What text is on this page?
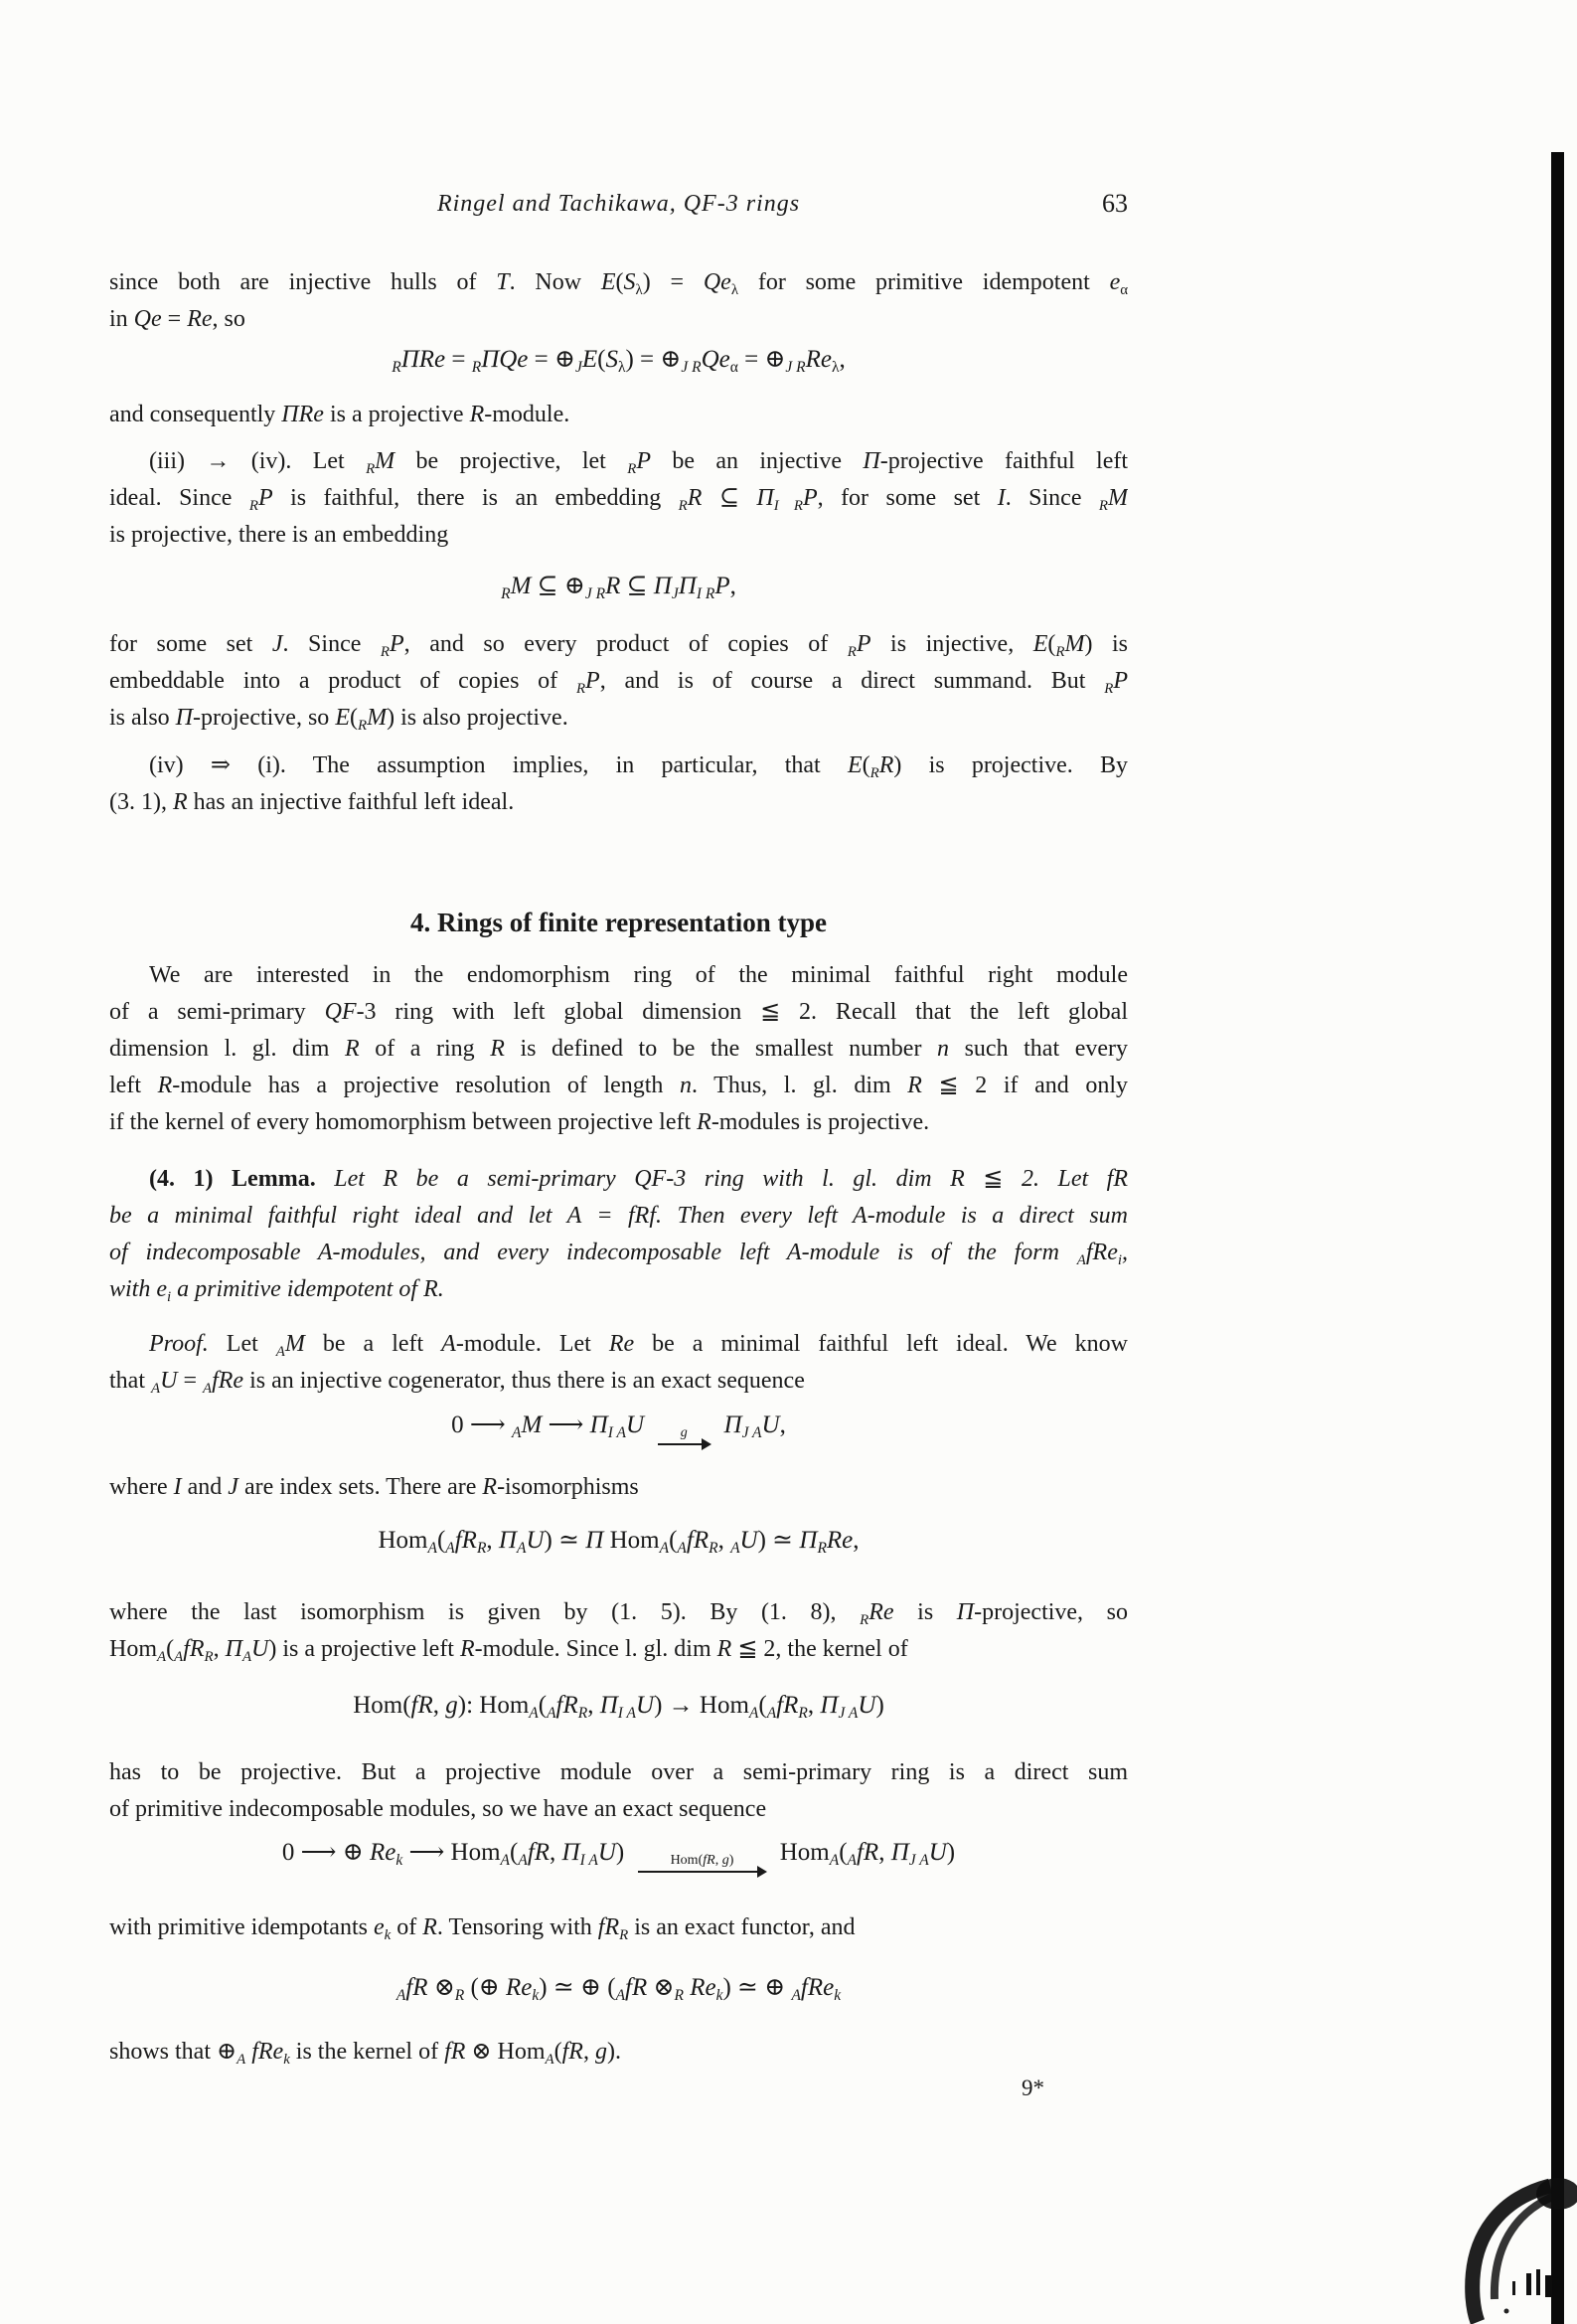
Ringel and Tachikawa, QF-3 rings	63
since both are injective hulls of T. Now $E(S_\lambda) = Qe_\lambda$ for some primitive idempotent $e_\alpha$
in Qe = Re, so
$_R\Pi Re = _R\Pi Qe = \oplus_JE(S_\lambda)$ = $\oplus_{J R}Qe_\alpha$ = $\oplus_{J R}Re_\lambda$,
and consequently ΠRe is a projective R-module.
(iii) → (iv). Let $_R$M be projective, let $_R$P be an injective Π-projective faithful left
ideal. Since $_R$P is faithful, there is an embedding $_R$R ⊆ $\Pi_{I R}P$, for some set I. Since $_R$M
is projective, there is an embedding
$_R$M ⊆ $\oplus_{J R}R$ ⊆ $\Pi_J\Pi_{I R}P$,
for some set J. Since $_R$P, and so every product of copies of $_R$P is injective, $E(_RM)$ is
embeddable into a product of copies of $_R$P, and is of course a direct summand. But $_R$P
is also Π-projective, so $E(_RM)$ is also projective.
(iv) ⇒ (i). The assumption implies, in particular, that $E(_RR)$ is projective. By
(3. 1), R has an injective faithful left ideal.
4. Rings of finite representation type
We are interested in the endomorphism ring of the minimal faithful right module
of a semi-primary QF-3 ring with left global dimension ≦ 2. Recall that the left global
dimension l. gl. dim R of a ring R is defined to be the smallest number n such that every
left R-module has a projective resolution of length n. Thus, l. gl. dim R ≦ 2 if and only
if the kernel of every homomorphism between projective left R-modules is projective.
(4. 1) Lemma. Let R be a semi-primary QF-3 ring with l. gl. dim R ≦ 2. Let fR
be a minimal faithful right ideal and let A = fRf. Then every left A-module is a direct sum
of indecomposable A-modules, and every indecomposable left A-module is of the form $_A$fRe$_i$,
with $e_i$ a primitive idempotent of R.
Proof. Let $_A$M be a left A-module. Let Re be a minimal faithful left ideal. We know
that $_A$U = $_A$fRe is an injective cogenerator, thus there is an exact sequence
0 ⟶ $_A$M ⟶ $\Pi_{I A}U$	g $\Pi_{J A}U$,
where I and J are index sets. There are R-isomorphisms
$Hom_A(_AfR_R$, $\Pi_AU$) ≃ Π $Hom_A(_AfR_R$, $_A$U) ≃ $\Pi_RRe$,
where the last isomorphism is given by (1. 5). By (1. 8), $_R$Re is Π-projective, so
$Hom_A(_AfR_R$, $\Pi_AU$) is a projective left R-module. Since l. gl. dim R ≦ 2, the kernel of
Hom(fR, g): $Hom_A(_AfR_R$, $\Pi_{I A}U) \to Hom_A(_AfR_R$, $\Pi_{J A}U$)
has to be projective. But a projective module over a semi-primary ring is a direct sum
of primitive indecomposable modules, so we have an exact sequence
0 ⟶ ⊕ $Re_k$ ⟶ $Hom_A(_AfR$, $\Pi_{I A}U$)	Hom(fR, g) $Hom_A(_AfR$, $\Pi_{J A}U$)
with primitive idempotants $e_k$ of R. Tensoring with $fR_R$ is an exact functor, and
$_A$fR $\otimes_R$ (⊕ $Re_k$) ≃ ⊕ ($_AfR$ $\otimes_R$ $Re_k$) ≃ ⊕ $_A$fRe$_k$
shows that $\oplus_A$ fRe$_k$ is the kernel of fR ⊗ Hom$_A$(fR, g).
9*
